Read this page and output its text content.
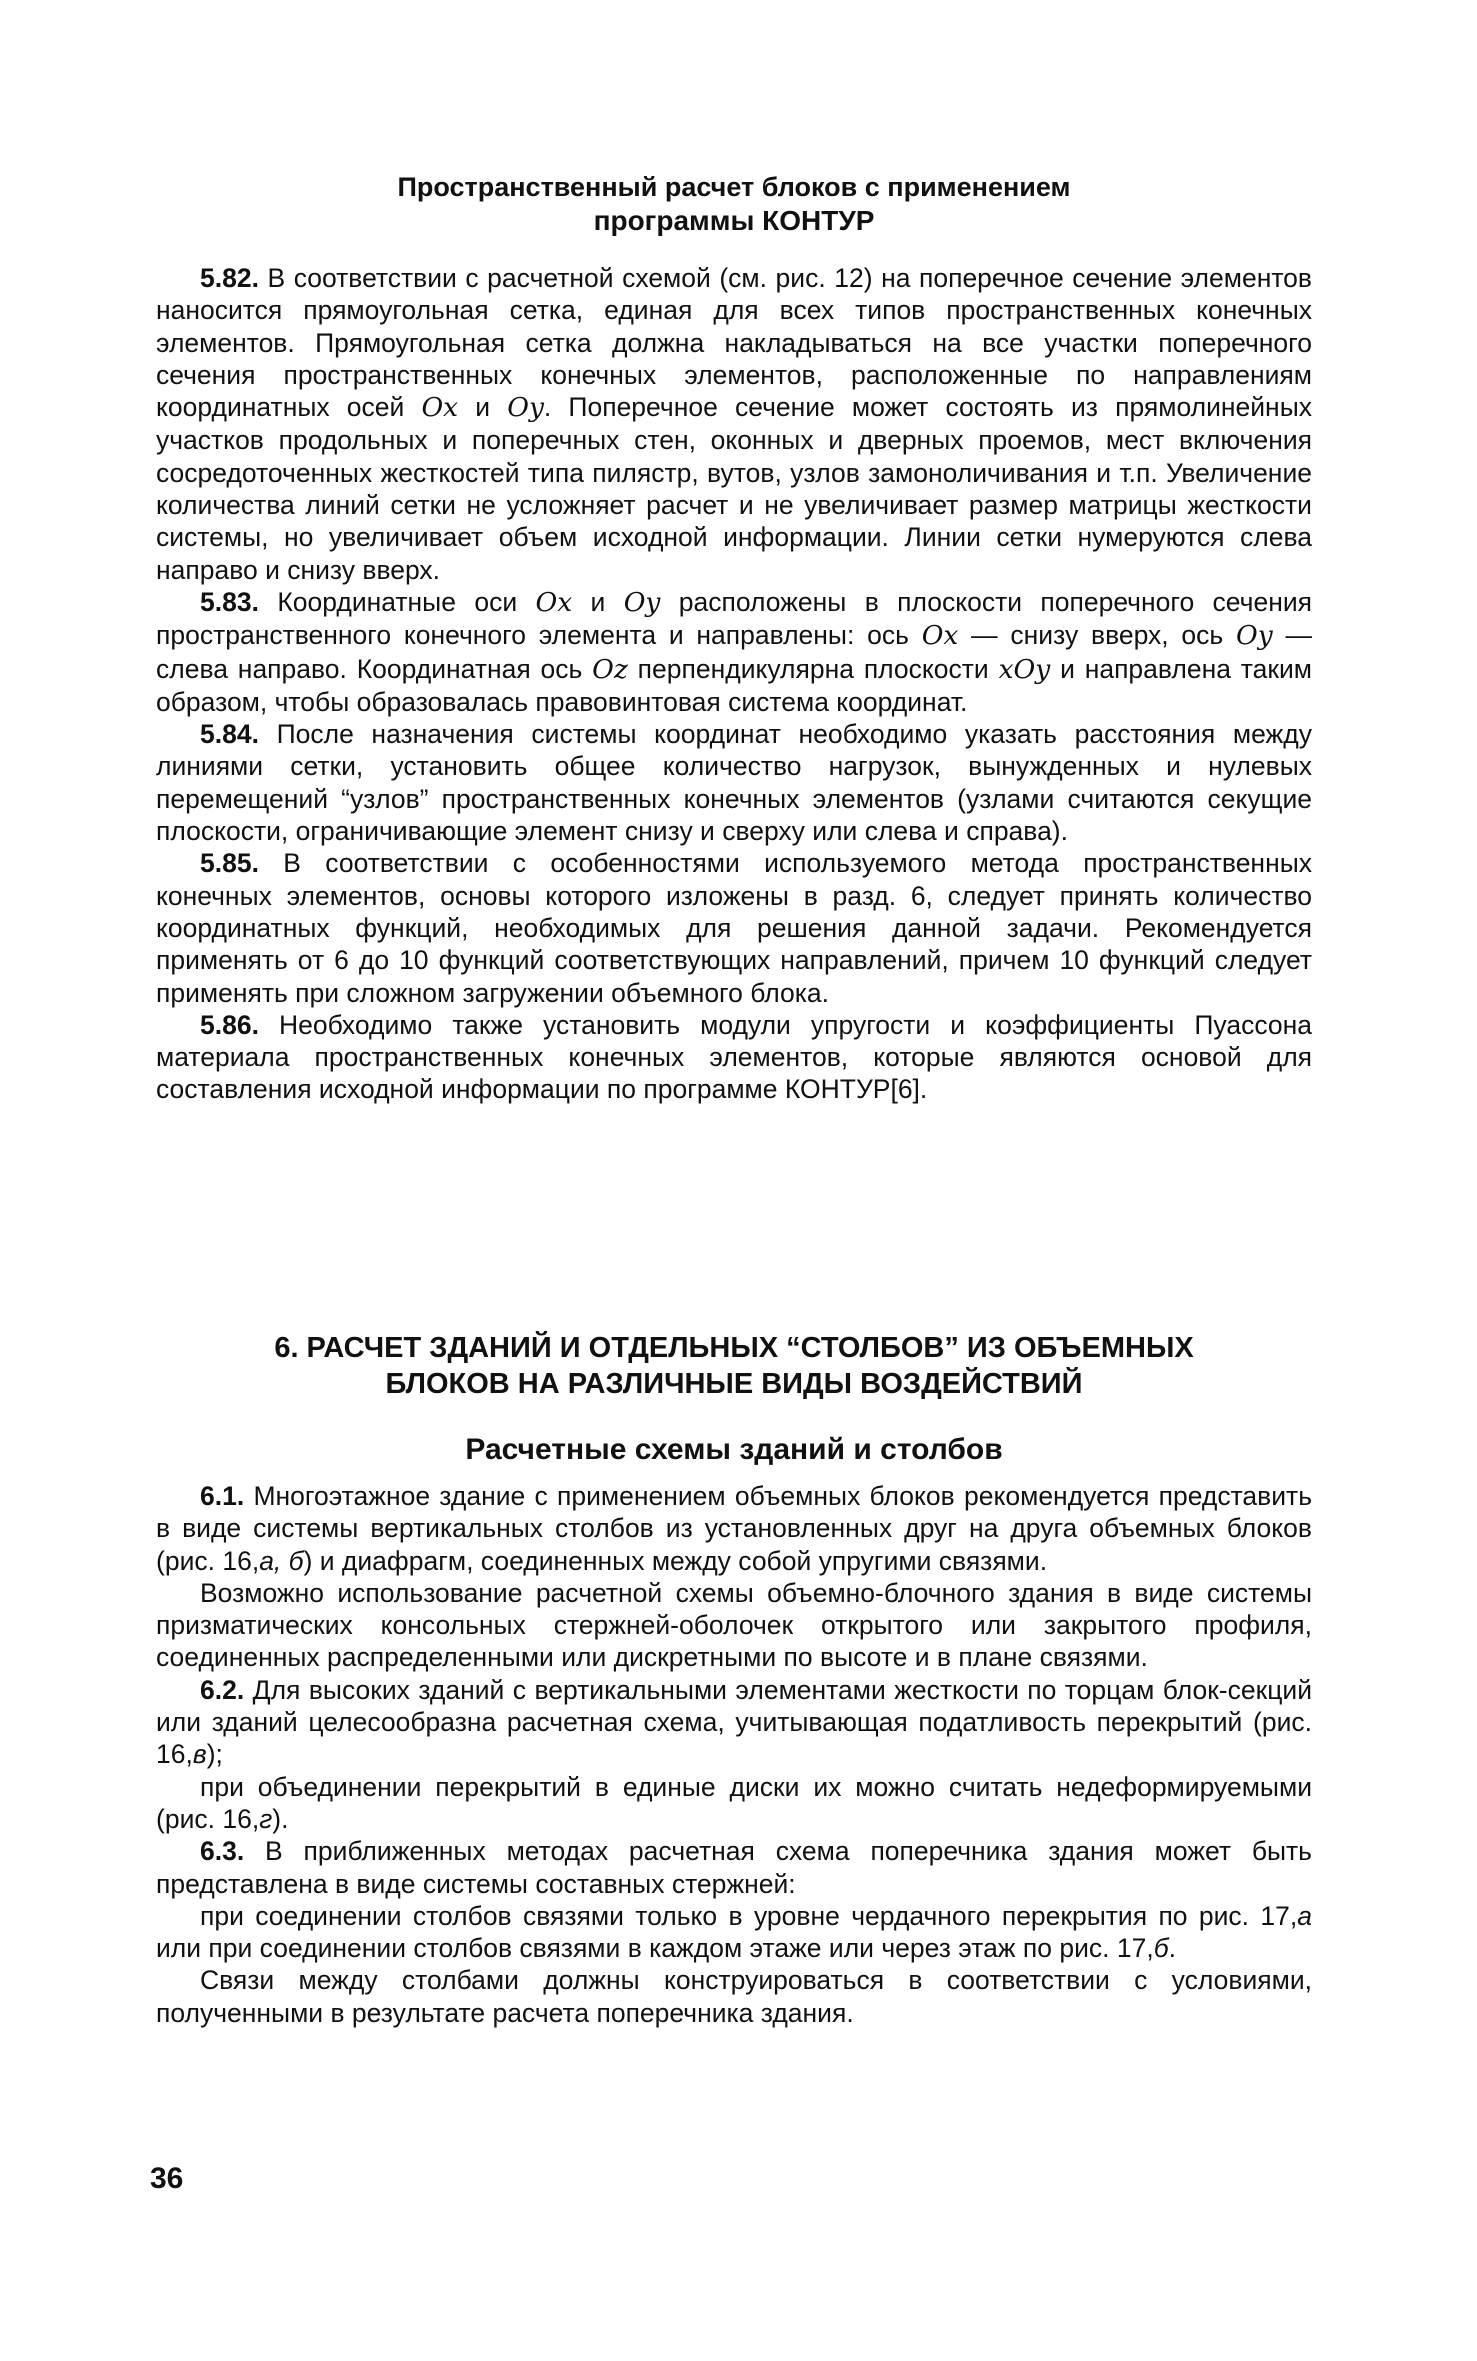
Пространственный расчет блоков с применением
программы КОНТУР

5.82. В соответствии с расчетной схемой (см. рис. 12) на поперечное сечение элементов наносится прямоугольная сетка, единая для всех типов пространственных конечных элементов. Прямоугольная сетка должна накладываться на все участки поперечного сечения пространственных конечных элементов, расположенные по направлениям координатных осей Ox и Oy. Поперечное сечение может состоять из прямолинейных участков продольных и поперечных стен, оконных и дверных проемов, мест включения сосредоточенных жесткостей типа пилястр, вутов, узлов замоноличивания и т.п. Увеличение количества линий сетки не усложняет расчет и не увеличивает размер матрицы жесткости системы, но увеличивает объем исходной информации. Линии сетки нумеруются слева направо и снизу вверх.

5.83. Координатные оси Ox и Oy расположены в плоскости поперечного сечения пространственного конечного элемента и направлены: ось Ox — снизу вверх, ось Oy — слева направо. Координатная ось Oz перпендикулярна плоскости xOy и направлена таким образом, чтобы образовалась правовинтовая система координат.

5.84. После назначения системы координат необходимо указать расстояния между линиями сетки, установить общее количество нагрузок, вынужденных и нулевых перемещений “узлов” пространственных конечных элементов (узлами считаются секущие плоскости, ограничивающие элемент снизу и сверху или слева и справа).

5.85. В соответствии с особенностями используемого метода пространственных конечных элементов, основы которого изложены в разд. 6, следует принять количество координатных функций, необходимых для решения данной задачи. Рекомендуется применять от 6 до 10 функций соответствующих направлений, причем 10 функций следует применять при сложном загружении объемного блока.

5.86. Необходимо также установить модули упругости и коэффициенты Пуассона материала пространственных конечных элементов, которые являются основой для составления исходной информации по программе КОНТУР[6].

6. РАСЧЕТ ЗДАНИЙ И ОТДЕЛЬНЫХ “СТОЛБОВ” ИЗ ОБЪЕМНЫХ
БЛОКОВ НА РАЗЛИЧНЫЕ ВИДЫ ВОЗДЕЙСТВИЙ
Расчетные схемы зданий и столбов

6.1. Многоэтажное здание с применением объемных блоков рекомендуется представить в виде системы вертикальных столбов из установленных друг на друга объемных блоков (рис. 16,а, б) и диафрагм, соединенных между собой упругими связями.

Возможно использование расчетной схемы объемно-блочного здания в виде системы призматических консольных стержней-оболочек открытого или закрытого профиля, соединенных распределенными или дискретными по высоте и в плане связями.

6.2. Для высоких зданий с вертикальными элементами жесткости по торцам блок-секций или зданий целесообразна расчетная схема, учитывающая податливость перекрытий (рис. 16,в);

при объединении перекрытий в единые диски их можно считать недеформируемыми (рис. 16,г).

6.3. В приближенных методах расчетная схема поперечника здания может быть представлена в виде системы составных стержней:

при соединении столбов связями только в уровне чердачного перекрытия по рис. 17,а или при соединении столбов связями в каждом этаже или через этаж по рис. 17,б.

Связи между столбами должны конструироваться в соответствии с условиями, полученными в результате расчета поперечника здания.

36
